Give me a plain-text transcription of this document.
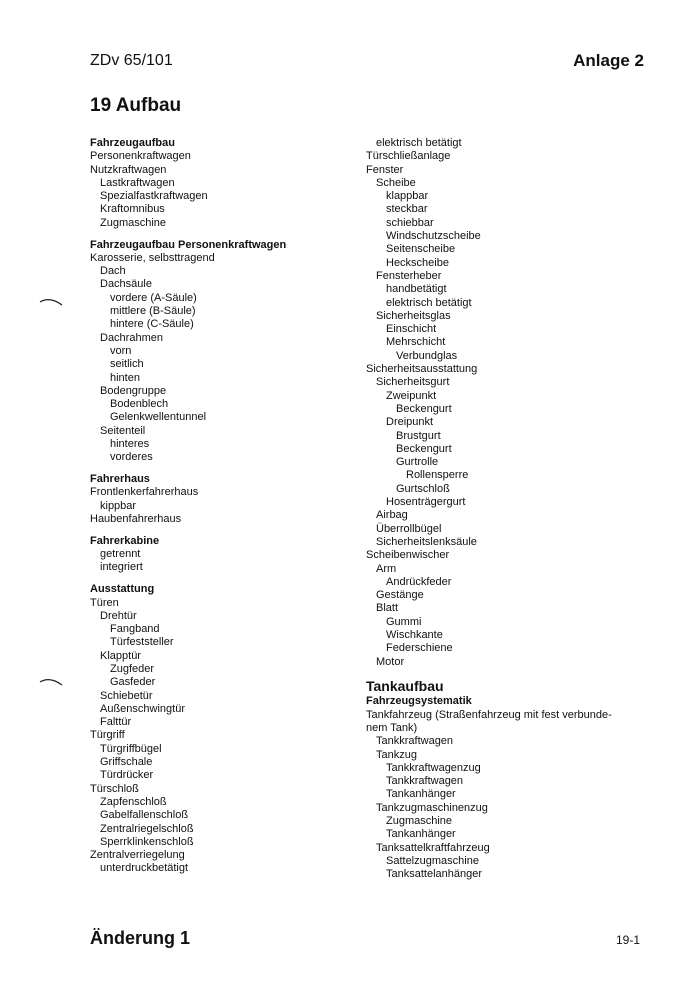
ZDv 65/101	Anlage 2
19 Aufbau
Fahrzeugaufbau
Personenkraftwagen
Nutzkraftwagen
Lastkraftwagen
Spezialfastkraftwagen
Kraftomnibus
Zugmaschine
Fahrzeugaufbau Personenkraftwagen
Karosserie, selbsttragend
Dach
Dachsäule
vordere (A-Säule)
mittlere (B-Säule)
hintere (C-Säule)
Dachrahmen
vorn
seitlich
hinten
Bodengruppe
Bodenblech
Gelenkwellentunnel
Seitenteil
hinteres
vorderes
Fahrerhaus
Frontlenkerfahrerhaus
kippbar
Haubenfahrerhaus
Fahrerkabine
getrennt
integriert
Ausstattung
Türen
Drehtür
Fangband
Türfeststeller
Klapptür
Zugfeder
Gasfeder
Schiebetür
Außenschwingtür
Falttür
Türgriff
Türgriffbügel
Griffschale
Türdrücker
Türschloß
Zapfenschloß
Gabelfallenschloß
Zentralriegelschloß
Sperrklinkenschloß
Zentralverriegelung
unterdruckbetätigt
elektrisch betätigt
Türschließanlage
Fenster
Scheibe
klappbar
steckbar
schiebbar
Windschutzscheibe
Seitenscheibe
Heckscheibe
Fensterheber
handbetätigt
elektrisch betätigt
Sicherheitsglas
Einschicht
Mehrschicht
Verbundglas
Sicherheitsausstattung
Sicherheitsgurt
Zweipunkt
Beckengurt
Dreipunkt
Brustgurt
Beckengurt
Gurtrolle
Rollensperre
Gurtschloß
Hosenträgergurt
Airbag
Überrollbügel
Sicherheitslenksäule
Scheibenwischer
Arm
Andrückfeder
Gestänge
Blatt
Gummi
Wischkante
Federschiene
Motor
Tankaufbau
Fahrzeugsystematik
Tankfahrzeug (Straßenfahrzeug mit fest verbunde-
nem Tank)
Tankkraftwagen
Tankzug
Tankkraftwagenzug
Tankkraftwagen
Tankanhänger
Tankzugmaschinenzug
Zugmaschine
Tankanhänger
Tanksattelkraftfahrzeug
Sattelzugmaschine
Tanksattelanhänger
Änderung 1	19-1
